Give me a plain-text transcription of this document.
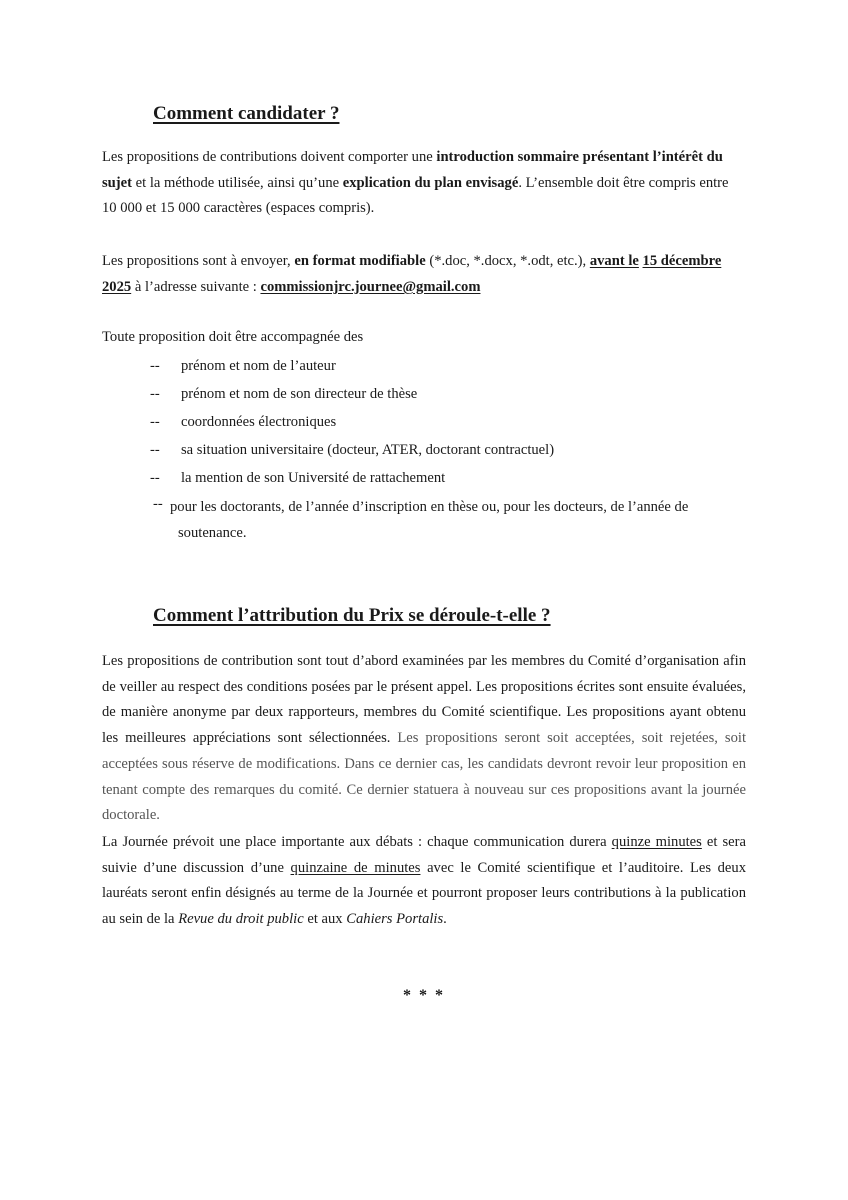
Comment candidater ?

Les propositions de contributions doivent comporter une introduction sommaire présentant l’intérêt du sujet et la méthode utilisée, ainsi qu’une explication du plan envisagé. L’ensemble doit être compris entre 10 000 et 15 000 caractères (espaces compris).

Les propositions sont à envoyer, en format modifiable (*.doc, *.docx, *.odt, etc.), avant le 15 décembre 2025 à l’adresse suivante : commissionjrc.journee@gmail.com

Toute proposition doit être accompagnée des

-- prénom et nom de l’auteur
-- prénom et nom de son directeur de thèse
-- coordonnées électroniques
-- sa situation universitaire (docteur, ATER, doctorant contractuel)
-- la mention de son Université de rattachement
-- pour les doctorants, de l’année d’inscription en thèse ou, pour les docteurs, de l’année de
soutenance.
Comment l’attribution du Prix se déroule-t-elle ?

Les propositions de contribution sont tout d’abord examinées par les membres du Comité d’organisation afin de veiller au respect des conditions posées par le présent appel. Les propositions écrites sont ensuite évaluées, de manière anonyme par deux rapporteurs, membres du Comité scientifique. Les propositions ayant obtenu les meilleures appréciations sont sélectionnées. Les propositions seront soit acceptées, soit rejetées, soit acceptées sous réserve de modifications. Dans ce dernier cas, les candidats devront revoir leur proposition en tenant compte des remarques du comité. Ce dernier statuera à nouveau sur ces propositions avant la journée doctorale.

La Journée prévoit une place importante aux débats : chaque communication durera quinze minutes et sera suivie d’une discussion d’une quinzaine de minutes avec le Comité scientifique et l’auditoire. Les deux lauréats seront enfin désignés au terme de la Journée et pourront proposer leurs contributions à la publication au sein de la Revue du droit public et aux Cahiers Portalis.

* * *
